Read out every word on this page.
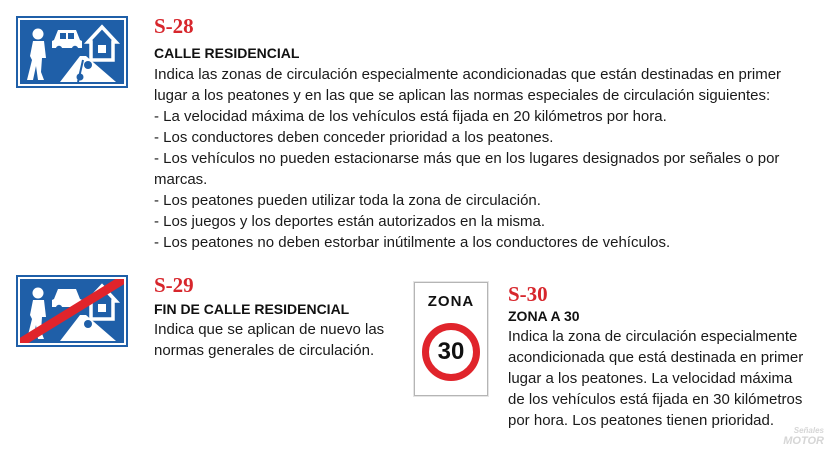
S-28
CALLE RESIDENCIAL
Indica las zonas de circulación especialmente acondicionadas que están destinadas en primer
lugar a los peatones y en las que se aplican las normas especiales de circulación siguientes:
- La velocidad máxima de los vehículos está fijada en 20 kilómetros por hora.
- Los conductores deben conceder prioridad a los peatones.
- Los vehículos no pueden estacionarse más que en los lugares designados por señales o por
marcas.
- Los peatones pueden utilizar toda la zona de circulación.
- Los juegos y los deportes están autorizados en la misma.
- Los peatones no deben estorbar inútilmente a los conductores de vehículos.
S-29
FIN DE CALLE RESIDENCIAL
Indica que se aplican de nuevo las
normas generales de circulación.
ZONA
30
S-30
ZONA A 30
Indica la zona de circulación especialmente
acondicionada que está destinada en primer
lugar a los peatones. La velocidad máxima
de los vehículos está fijada en 30 kilómetros
por hora. Los peatones tienen prioridad.
Señales
MOTOR
